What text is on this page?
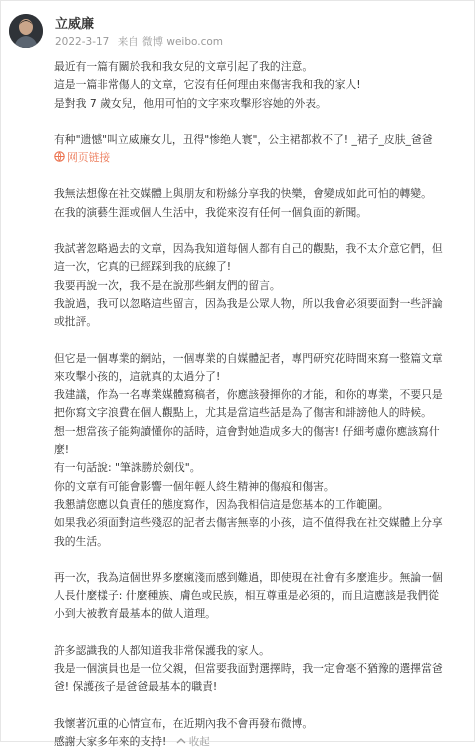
立威廉
2022-3-17 来自 微博 weibo.com

最近有一篇有關於我和我女兒的文章引起了我的注意。

這是一篇非常傷人的文章，它沒有任何理由來傷害我和我的家人!

是對我 7 歲女兒，他用可怕的文字來攻擊形容她的外表。

有种"遗憾"叫立威廉女儿，丑得"惨绝人寰"，公主裙都救不了! _裙子_皮肤_爸爸

网页链接

我無法想像在社交媒體上與朋友和粉絲分享我的快樂，會變成如此可怕的轉變。

在我的演藝生涯或個人生活中，我從來沒有任何一個負面的新聞。

我試著忽略過去的文章，因為我知道每個人都有自己的觀點，我不太介意它們，但

這一次，它真的已經踩到我的底線了!

我要再說一次，我不是在說那些網友們的留言。

我說過，我可以忽略這些留言，因為我是公眾人物，所以我會必須要面對一些評論

或批評。

但它是一個專業的網站，一個專業的自媒體記者，專門研究花時間來寫一整篇文章

來攻擊小孩的，這就真的太過分了!

我建議，作為一名專業媒體寫稿者，你應該發揮你的才能，和你的專業，不要只是

把你寫文字浪費在個人觀點上，尤其是當這些話是為了傷害和誹謗他人的時候。

想一想當孩子能夠讀懂你的話時，這會對她造成多大的傷害! 仔細考慮你應該寫什

麼!

有一句話說: "筆誅勝於劍伐"。

你的文章有可能會影響一個年輕人終生精神的傷痕和傷害。

我懇請您應以負責任的態度寫作，因為我相信這是您基本的工作範圍。

如果我必須面對這些殘忍的記者去傷害無辜的小孩，這不值得我在社交媒體上分享

我的生活。

再一次，我為這個世界多麼瘋淺而感到難過，即使現在社會有多麼進步。無論一個

人長什麼樣子: 什麼種族、膚色或民族，相互尊重是必須的，而且這應該是我們從

小到大被教育最基本的做人道理。

許多認識我的人都知道我非常保護我的家人。

我是一個演員也是一位父親，但當要我面對選擇時，我一定會毫不猶豫的選擇當爸

爸! 保護孩子是爸爸最基本的職責!

我懷著沉重的心情宣布，在近期內我不會再發布微博。

感謝大家多年來的支持! 收起
